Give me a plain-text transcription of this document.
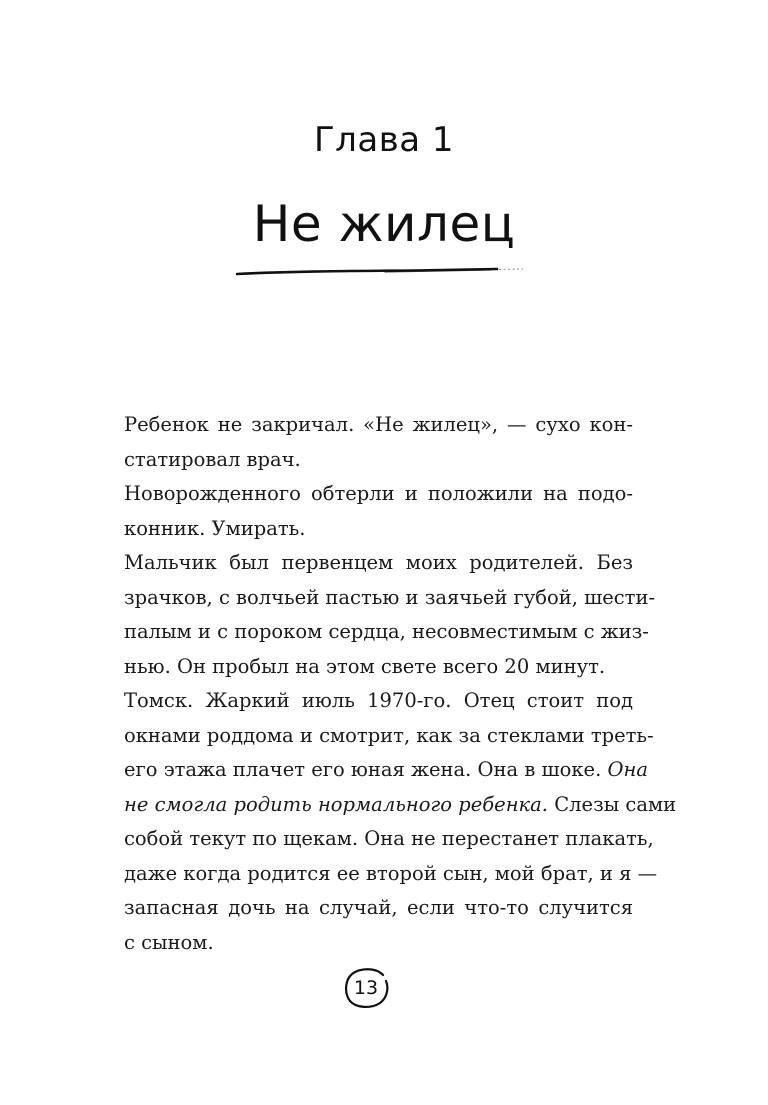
Глава 1
Не жилец
Ребенок не закричал. «Не жилец», — сухо кон-
статировал врач.
Новорожденного обтерли и положили на подо-
конник. Умирать.
Мальчик был первенцем моих родителей. Без
зрачков, с волчьей пастью и заячьей губой, шести-
палым и с пороком сердца, несовместимым с жиз-
нью. Он пробыл на этом свете всего 20 минут.
Томск. Жаркий июль 1970-го. Отец стоит под
окнами роддома и смотрит, как за стеклами треть-
его этажа плачет его юная жена. Она в шоке. Она
не смогла родить нормального ребенка. Слезы сами
собой текут по щекам. Она не перестанет плакать,
даже когда родится ее второй сын, мой брат, и я —
запасная дочь на случай, если что-то случится
с сыном.
13
